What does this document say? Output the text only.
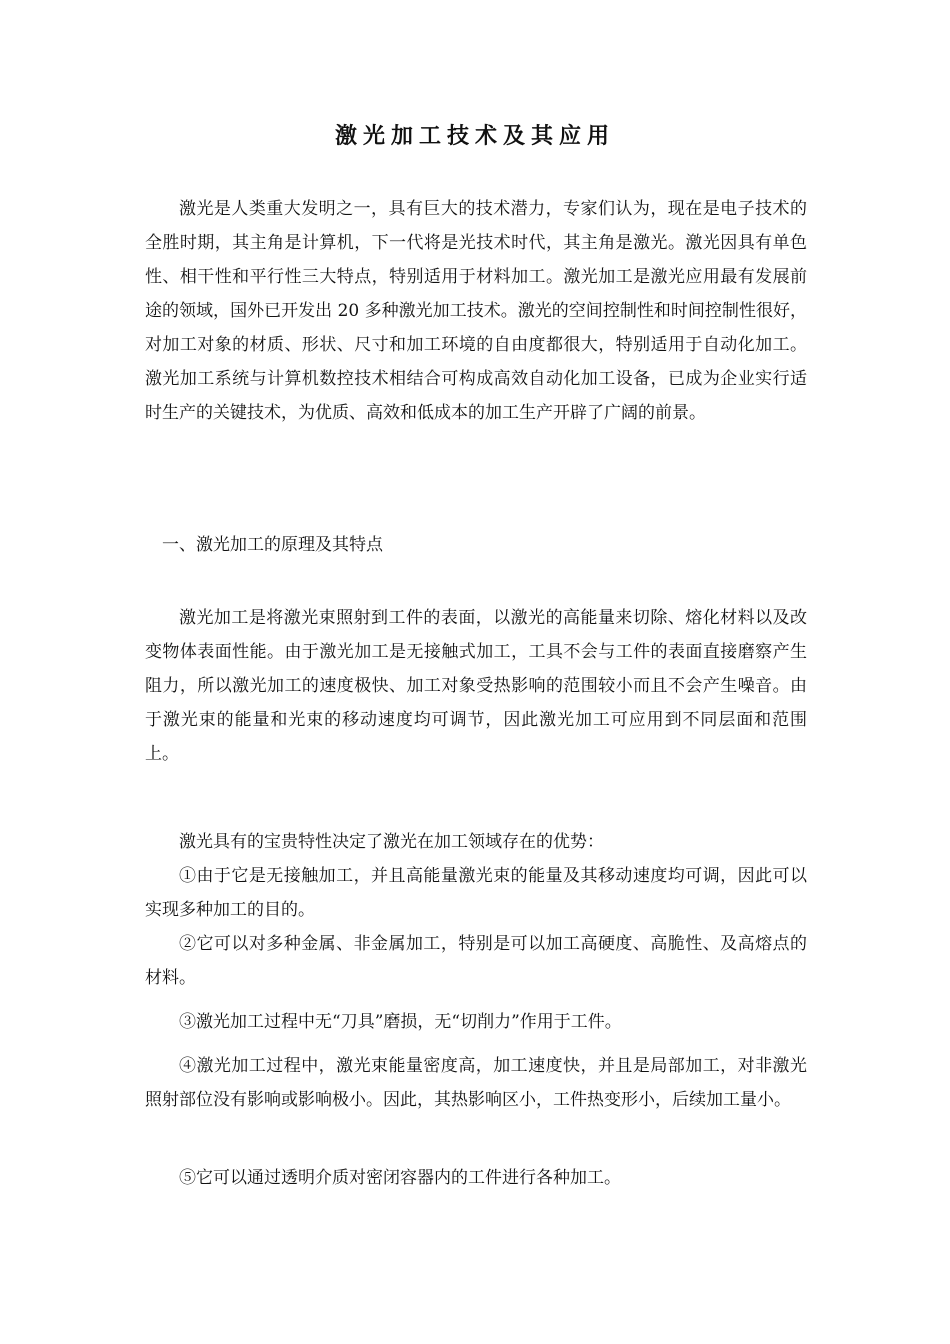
激光加工技术及其应用

激光是人类重大发明之一，具有巨大的技术潜力，专家们认为，现在是电子技术的全胜时期，其主角是计算机，下一代将是光技术时代，其主角是激光。激光因具有单色性、相干性和平行性三大特点，特别适用于材料加工。激光加工是激光应用最有发展前途的领域，国外已开发出 20 多种激光加工技术。激光的空间控制性和时间控制性很好，对加工对象的材质、形状、尺寸和加工环境的自由度都很大，特别适用于自动化加工。激光加工系统与计算机数控技术相结合可构成高效自动化加工设备，已成为企业实行适时生产的关键技术，为优质、高效和低成本的加工生产开辟了广阔的前景。

一、激光加工的原理及其特点

激光加工是将激光束照射到工件的表面，以激光的高能量来切除、熔化材料以及改变物体表面性能。由于激光加工是无接触式加工，工具不会与工件的表面直接磨察产生阻力，所以激光加工的速度极快、加工对象受热影响的范围较小而且不会产生噪音。由于激光束的能量和光束的移动速度均可调节，因此激光加工可应用到不同层面和范围上。

激光具有的宝贵特性决定了激光在加工领域存在的优势：

①由于它是无接触加工，并且高能量激光束的能量及其移动速度均可调，因此可以实现多种加工的目的。

②它可以对多种金属、非金属加工，特别是可以加工高硬度、高脆性、及高熔点的材料。

③激光加工过程中无“刀具”磨损，无“切削力”作用于工件。

④激光加工过程中，激光束能量密度高，加工速度快，并且是局部加工，对非激光照射部位没有影响或影响极小。因此，其热影响区小，工件热变形小，后续加工量小。

⑤它可以通过透明介质对密闭容器内的工件进行各种加工。
